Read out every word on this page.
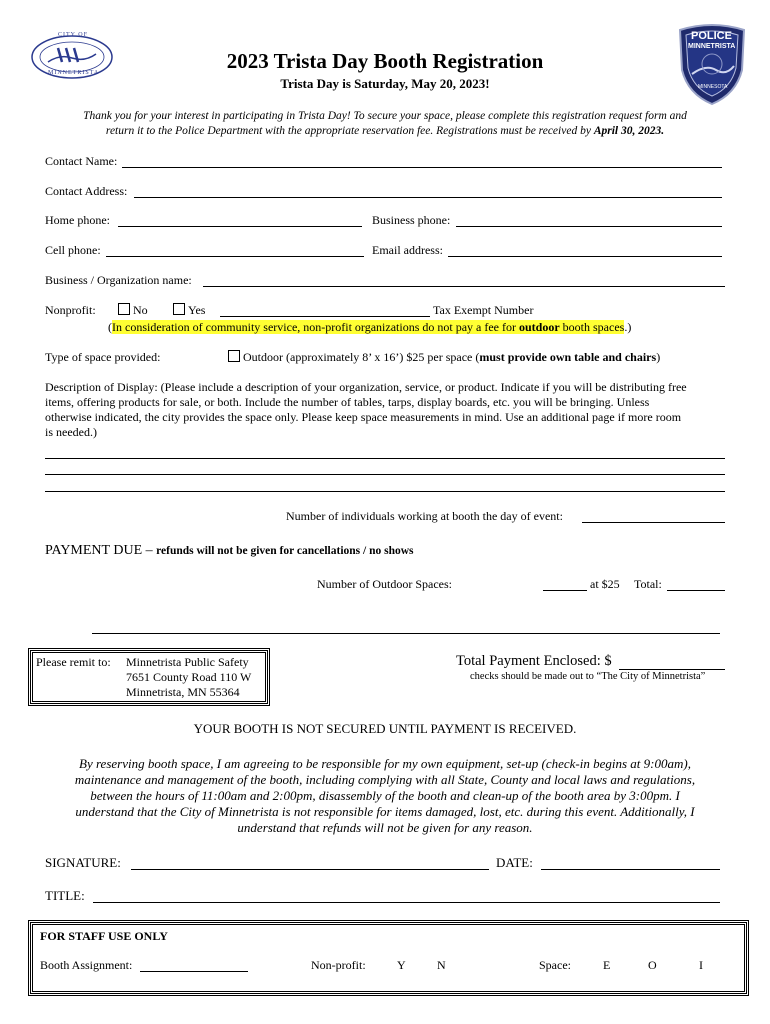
CITY OF
MINNETRISTA
POLICE
MINNETRISTA
MINNESOTA
2023 Trista Day Booth Registration
Trista Day is Saturday, May 20, 2023!
Thank you for your interest in participating in Trista Day! To secure your space, please complete this registration request form and
return it to the Police Department with the appropriate reservation fee. Registrations must be received by April 30, 2023.
Contact Name:
Contact Address:
Home phone:	Business phone:
Cell phone:	Email address:
Business / Organization name:
Nonprofit:	No	Yes	Tax Exempt Number
(In consideration of community service, non-profit organizations do not pay a fee for outdoor booth spaces.)
Type of space provided:	Outdoor (approximately 8’ x 16’) $25 per space (must provide own table and chairs)
Description of Display: (Please include a description of your organization, service, or product. Indicate if you will be distributing free
items, offering products for sale, or both. Include the number of tables, tarps, display boards, etc. you will be bringing. Unless
otherwise indicated, the city provides the space only. Please keep space measurements in mind. Use an additional page if more room
is needed.)
Number of individuals working at booth the day of event:
PAYMENT DUE – refunds will not be given for cancellations / no shows
Number of Outdoor Spaces:	at $25 Total:
Please remit to: Minnetrista Public Safety
7651 County Road 110 W
Minnetrista, MN 55364
Total Payment Enclosed: $
checks should be made out to “The City of Minnetrista”
YOUR BOOTH IS NOT SECURED UNTIL PAYMENT IS RECEIVED.
By reserving booth space, I am agreeing to be responsible for my own equipment, set-up (check-in begins at 9:00am),
maintenance and management of the booth, including complying with all State, County and local laws and regulations,
between the hours of 11:00am and 2:00pm, disassembly of the booth and clean-up of the booth area by 3:00pm. I
understand that the City of Minnetrista is not responsible for items damaged, lost, etc. during this event. Additionally, I
understand that refunds will not be given for any reason.
SIGNATURE:	DATE:
TITLE:
FOR STAFF USE ONLY
Booth Assignment:	Non-profit:	Y	N	Space:	E	O	I
